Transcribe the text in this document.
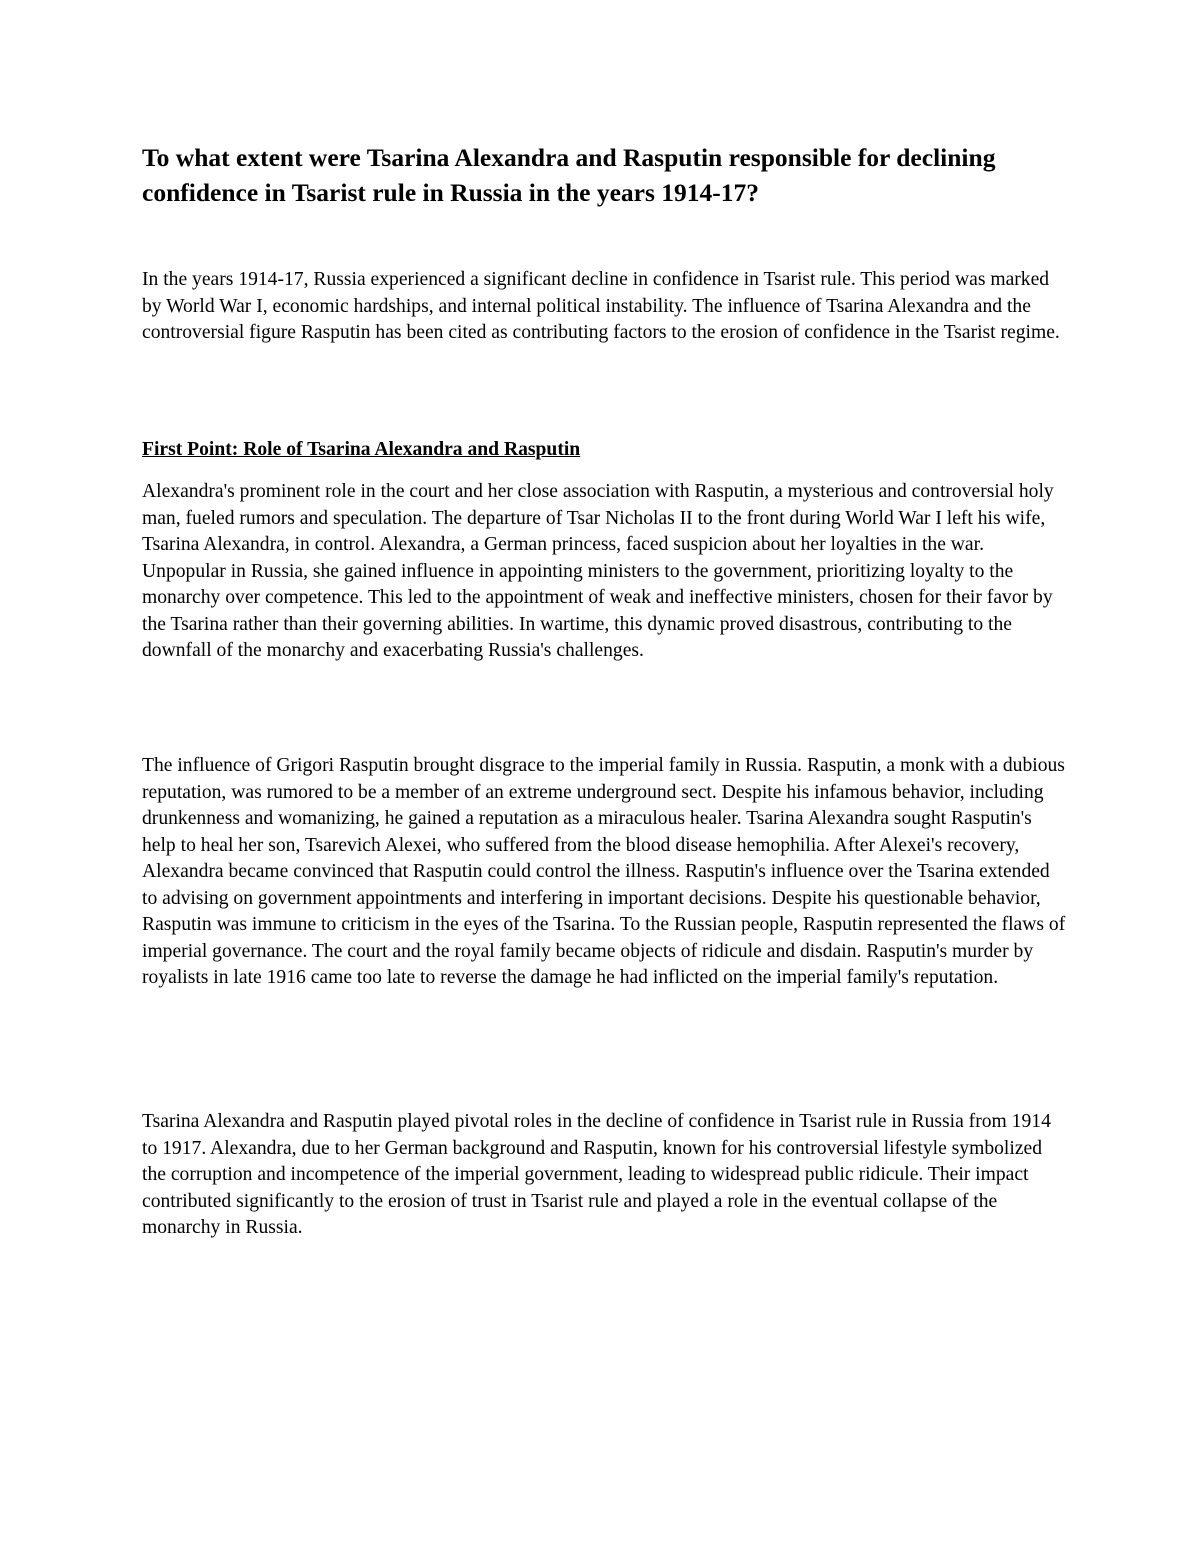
To what extent were Tsarina Alexandra and Rasputin responsible for declining confidence in Tsarist rule in Russia in the years 1914-17?

In the years 1914-17, Russia experienced a significant decline in confidence in Tsarist rule. This period was marked by World War I, economic hardships, and internal political instability. The influence of Tsarina Alexandra and the controversial figure Rasputin has been cited as contributing factors to the erosion of confidence in the Tsarist regime.

First Point: Role of Tsarina Alexandra and Rasputin

Alexandra's prominent role in the court and her close association with Rasputin, a mysterious and controversial holy man, fueled rumors and speculation. The departure of Tsar Nicholas II to the front during World War I left his wife, Tsarina Alexandra, in control. Alexandra, a German princess, faced suspicion about her loyalties in the war. Unpopular in Russia, she gained influence in appointing ministers to the government, prioritizing loyalty to the monarchy over competence. This led to the appointment of weak and ineffective ministers, chosen for their favor by the Tsarina rather than their governing abilities. In wartime, this dynamic proved disastrous, contributing to the downfall of the monarchy and exacerbating Russia's challenges.

The influence of Grigori Rasputin brought disgrace to the imperial family in Russia. Rasputin, a monk with a dubious reputation, was rumored to be a member of an extreme underground sect. Despite his infamous behavior, including drunkenness and womanizing, he gained a reputation as a miraculous healer. Tsarina Alexandra sought Rasputin's help to heal her son, Tsarevich Alexei, who suffered from the blood disease hemophilia. After Alexei's recovery, Alexandra became convinced that Rasputin could control the illness. Rasputin's influence over the Tsarina extended to advising on government appointments and interfering in important decisions. Despite his questionable behavior, Rasputin was immune to criticism in the eyes of the Tsarina. To the Russian people, Rasputin represented the flaws of imperial governance. The court and the royal family became objects of ridicule and disdain. Rasputin's murder by royalists in late 1916 came too late to reverse the damage he had inflicted on the imperial family's reputation.

Tsarina Alexandra and Rasputin played pivotal roles in the decline of confidence in Tsarist rule in Russia from 1914 to 1917. Alexandra, due to her German background and Rasputin, known for his controversial lifestyle symbolized the corruption and incompetence of the imperial government, leading to widespread public ridicule. Their impact contributed significantly to the erosion of trust in Tsarist rule and played a role in the eventual collapse of the monarchy in Russia.
